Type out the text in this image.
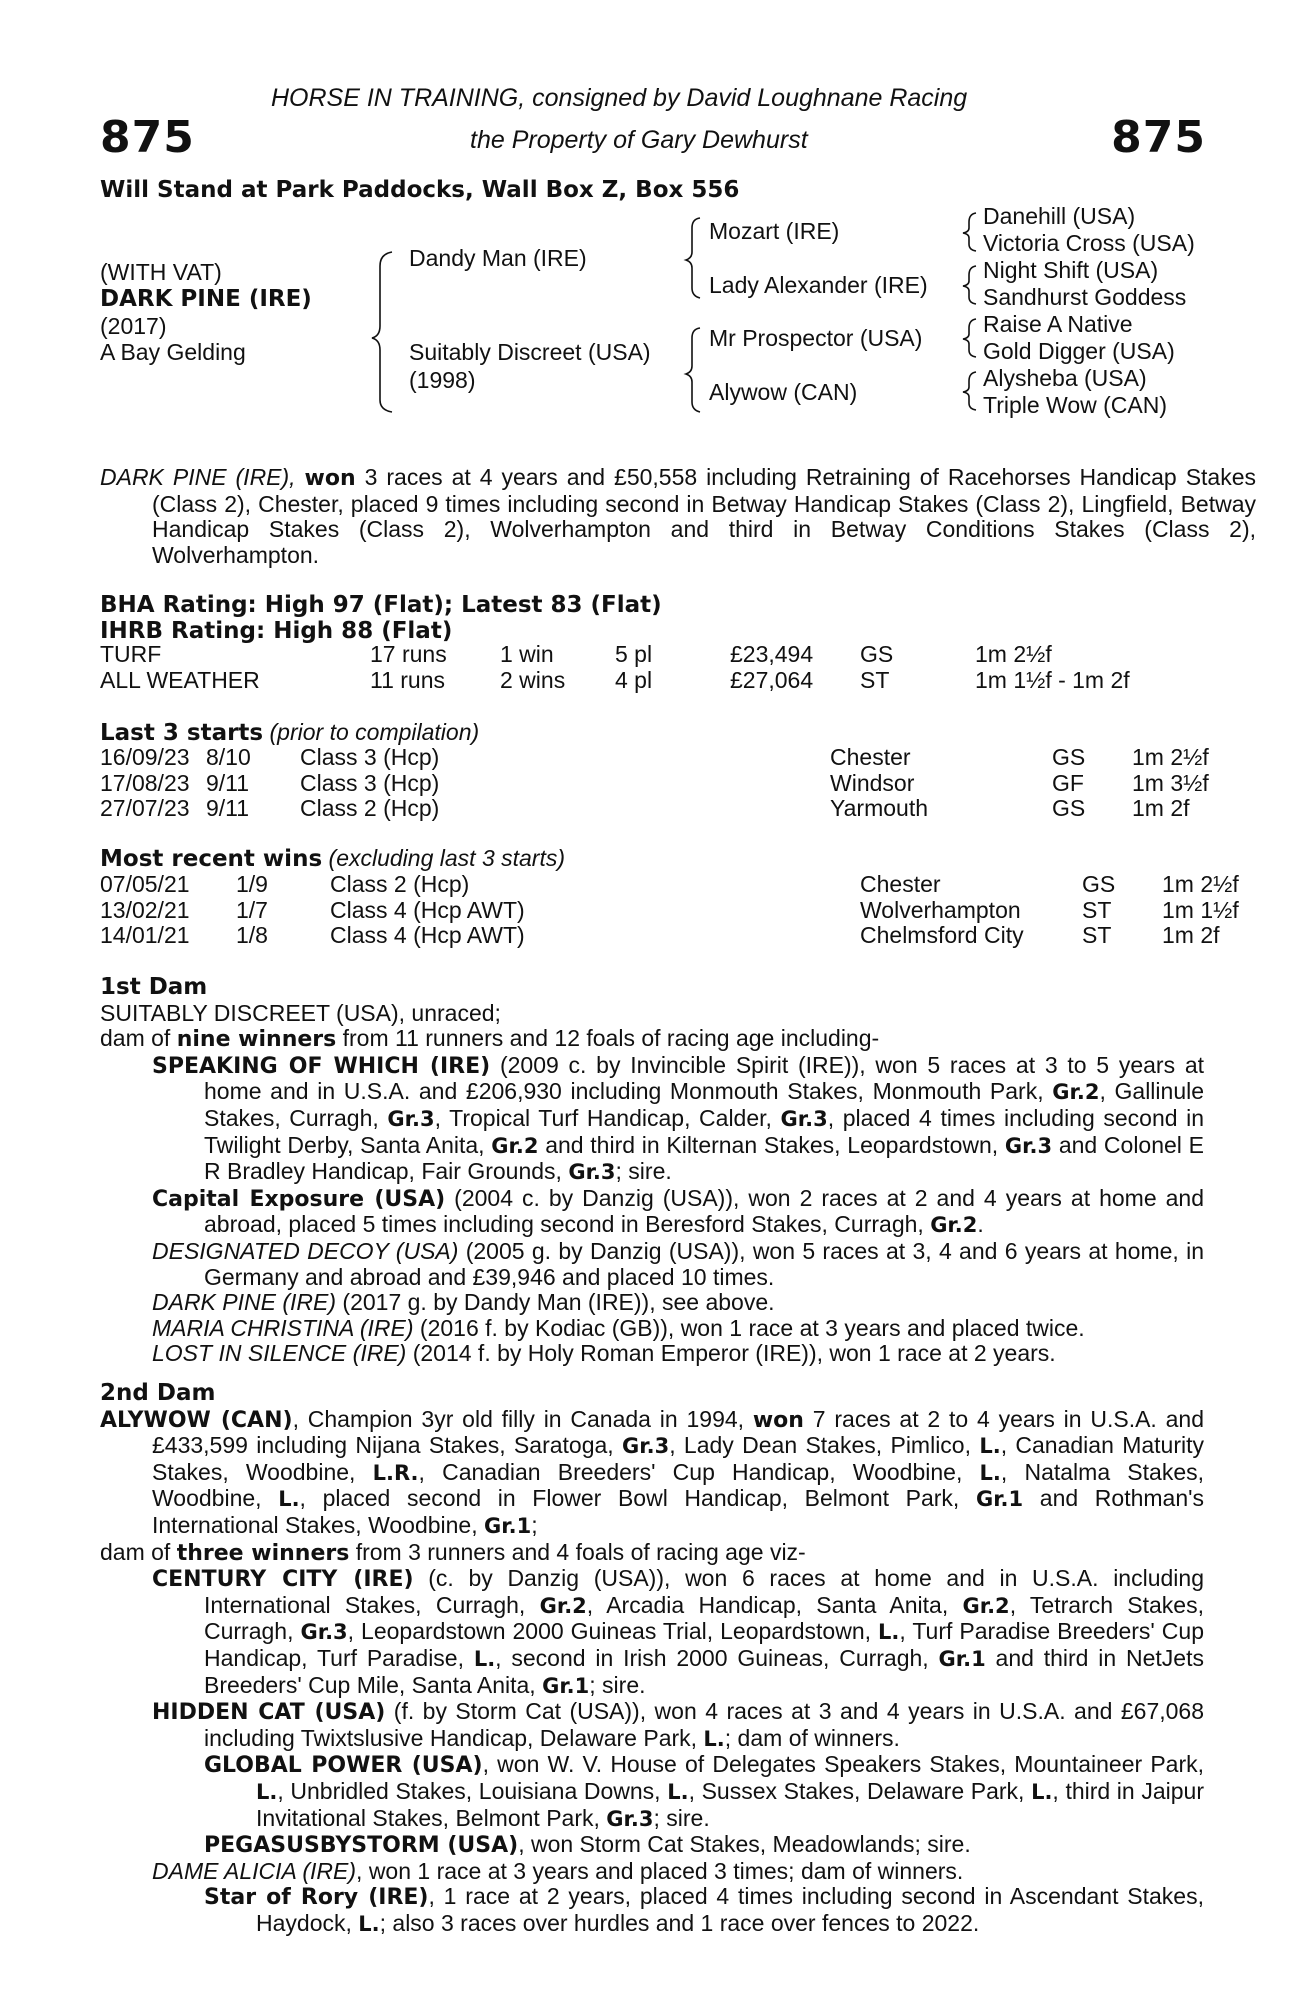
875	875
HORSE IN TRAINING, consigned by David Loughnane Racing
the Property of Gary Dewhurst
Will Stand at Park Paddocks, Wall Box Z, Box 556
(WITH VAT)
DARK PINE (IRE)
(2017)
A Bay Gelding
Dandy Man (IRE)
Suitably Discreet (USA)
(1998)
Mozart (IRE)
Lady Alexander (IRE)
Mr Prospector (USA)
Alywow (CAN)
Danehill (USA)
Victoria Cross (USA)
Night Shift (USA)
Sandhurst Goddess
Raise A Native
Gold Digger (USA)
Alysheba (USA)
Triple Wow (CAN)
DARK PINE (IRE), won 3 races at 4 years and £50,558 including Retraining of Racehorses Handicap Stakes (Class 2), Chester, placed 9 times including second in Betway Handicap Stakes (Class 2), Lingfield, Betway Handicap Stakes (Class 2), Wolverhampton and third in Betway Conditions Stakes (Class 2), Wolverhampton.
BHA Rating: High 97 (Flat); Latest 83 (Flat)
IHRB Rating: High 88 (Flat)
TURF	17 runs	1 win	5 pl	£23,494	GS	1m 2½f
ALL WEATHER	11 runs	2 wins	4 pl	£27,064	ST	1m 1½f - 1m 2f
Last 3 starts (prior to compilation)
16/09/23	8/10	Class 3 (Hcp)	Chester	GS	1m 2½f
17/08/23	9/11	Class 3 (Hcp)	Windsor	GF	1m 3½f
27/07/23	9/11	Class 2 (Hcp)	Yarmouth	GS	1m 2f
Most recent wins (excluding last 3 starts)
07/05/21	1/9	Class 2 (Hcp)	Chester	GS	1m 2½f
13/02/21	1/7	Class 4 (Hcp AWT)	Wolverhampton	ST	1m 1½f
14/01/21	1/8	Class 4 (Hcp AWT)	Chelmsford City	ST	1m 2f

1st Dam

SUITABLY DISCREET (USA), unraced;

dam of nine winners from 11 runners and 12 foals of racing age including-

SPEAKING OF WHICH (IRE) (2009 c. by Invincible Spirit (IRE)), won 5 races at 3 to 5 years at home and in U.S.A. and £206,930 including Monmouth Stakes, Monmouth Park, Gr.2, Gallinule Stakes, Curragh, Gr.3, Tropical Turf Handicap, Calder, Gr.3, placed 4 times including second in Twilight Derby, Santa Anita, Gr.2 and third in Kilternan Stakes, Leopardstown, Gr.3 and Colonel E R Bradley Handicap, Fair Grounds, Gr.3; sire.

Capital Exposure (USA) (2004 c. by Danzig (USA)), won 2 races at 2 and 4 years at home and abroad, placed 5 times including second in Beresford Stakes, Curragh, Gr.2.

DESIGNATED DECOY (USA) (2005 g. by Danzig (USA)), won 5 races at 3, 4 and 6 years at home, in Germany and abroad and £39,946 and placed 10 times.

DARK PINE (IRE) (2017 g. by Dandy Man (IRE)), see above.

MARIA CHRISTINA (IRE) (2016 f. by Kodiac (GB)), won 1 race at 3 years and placed twice.

LOST IN SILENCE (IRE) (2014 f. by Holy Roman Emperor (IRE)), won 1 race at 2 years.

2nd Dam

ALYWOW (CAN), Champion 3yr old filly in Canada in 1994, won 7 races at 2 to 4 years in U.S.A. and £433,599 including Nijana Stakes, Saratoga, Gr.3, Lady Dean Stakes, Pimlico, L., Canadian Maturity Stakes, Woodbine, L.R., Canadian Breeders' Cup Handicap, Woodbine, L., Natalma Stakes, Woodbine, L., placed second in Flower Bowl Handicap, Belmont Park, Gr.1 and Rothman's International Stakes, Woodbine, Gr.1;

dam of three winners from 3 runners and 4 foals of racing age viz-

CENTURY CITY (IRE) (c. by Danzig (USA)), won 6 races at home and in U.S.A. including International Stakes, Curragh, Gr.2, Arcadia Handicap, Santa Anita, Gr.2, Tetrarch Stakes, Curragh, Gr.3, Leopardstown 2000 Guineas Trial, Leopardstown, L., Turf Paradise Breeders' Cup Handicap, Turf Paradise, L., second in Irish 2000 Guineas, Curragh, Gr.1 and third in NetJets Breeders' Cup Mile, Santa Anita, Gr.1; sire.

HIDDEN CAT (USA) (f. by Storm Cat (USA)), won 4 races at 3 and 4 years in U.S.A. and £67,068 including Twixtslusive Handicap, Delaware Park, L.; dam of winners.

GLOBAL POWER (USA), won W. V. House of Delegates Speakers Stakes, Mountaineer Park, L., Unbridled Stakes, Louisiana Downs, L., Sussex Stakes, Delaware Park, L., third in Jaipur Invitational Stakes, Belmont Park, Gr.3; sire.

PEGASUSBYSTORM (USA), won Storm Cat Stakes, Meadowlands; sire.

DAME ALICIA (IRE), won 1 race at 3 years and placed 3 times; dam of winners.

Star of Rory (IRE), 1 race at 2 years, placed 4 times including second in Ascendant Stakes, Haydock, L.; also 3 races over hurdles and 1 race over fences to 2022.
